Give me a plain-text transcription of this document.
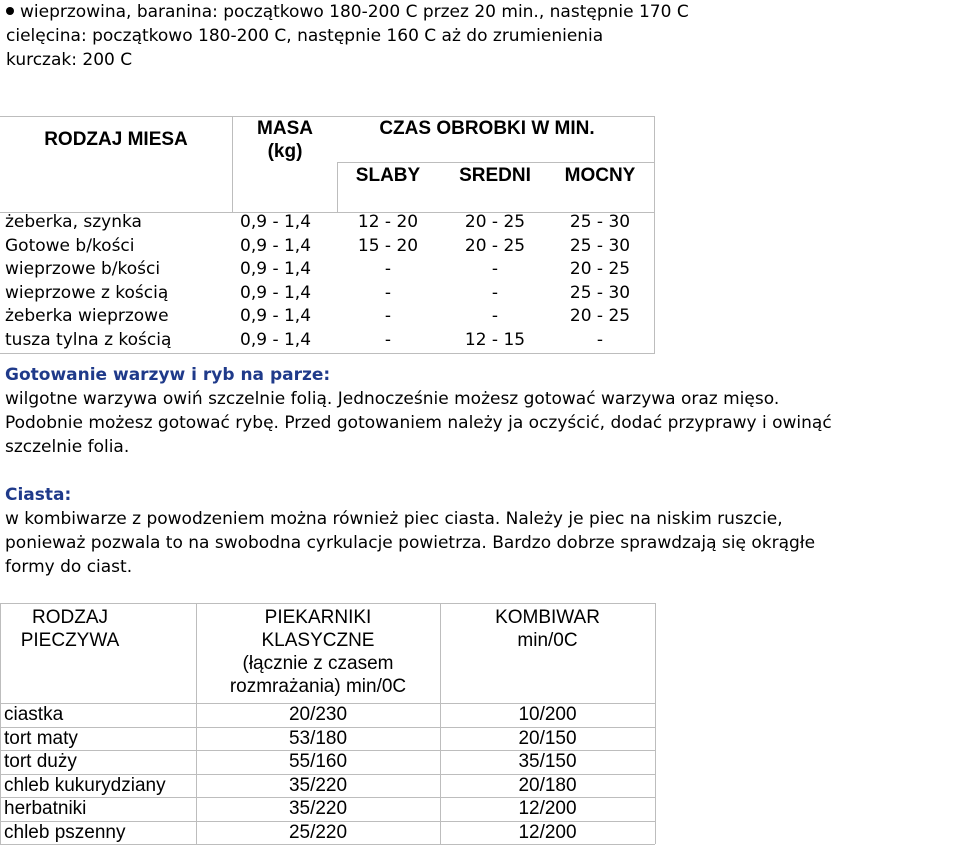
wieprzowina, baranina: początkowo 180-200 C przez 20 min., następnie 170 C
cielęcina: początkowo 180-200 C, następnie 160 C aż do zrumienienia
kurczak: 200 C
RODZAJ MIESA
MASA (kg)
CZAS OBROBKI W MIN.
SLABY	SREDNI	MOCNY
żeberka, szynka	0,9 - 1,4	12 - 20	20 - 25	25 - 30
Gotowe b/kości	0,9 - 1,4	15 - 20	20 - 25	25 - 30
wieprzowe b/kości	0,9 - 1,4	-	-	20 - 25
wieprzowe z kością	0,9 - 1,4	-	-	25 - 30
żeberka wieprzowe	0,9 - 1,4	-	-	20 - 25
tusza tylna z kością	0,9 - 1,4	-	12 - 15	-
Gotowanie warzyw i ryb na parze:
wilgotne warzywa owiń szczelnie folią. Jednocześnie możesz gotować warzywa oraz mięso.
Podobnie możesz gotować rybę. Przed gotowaniem należy ja oczyścić, dodać przyprawy i owinąć
szczelnie folia.
Ciasta:
w kombiwarze z powodzeniem można również piec ciasta. Należy je piec na niskim ruszcie,
ponieważ pozwala to na swobodna cyrkulacje powietrza. Bardzo dobrze sprawdzają się okrągłe
formy do ciast.
RODZAJ
PIECZYWA
PIEKARNIKI
KLASYCZNE
(łącznie z czasem
rozmrażania) min/0C
KOMBIWAR
min/0C
ciastka	20/230	10/200
tort maty	53/180	20/150
tort duży	55/160	35/150
chleb kukurydziany	35/220	20/180
herbatniki	35/220	12/200
chleb pszenny	25/220	12/200
